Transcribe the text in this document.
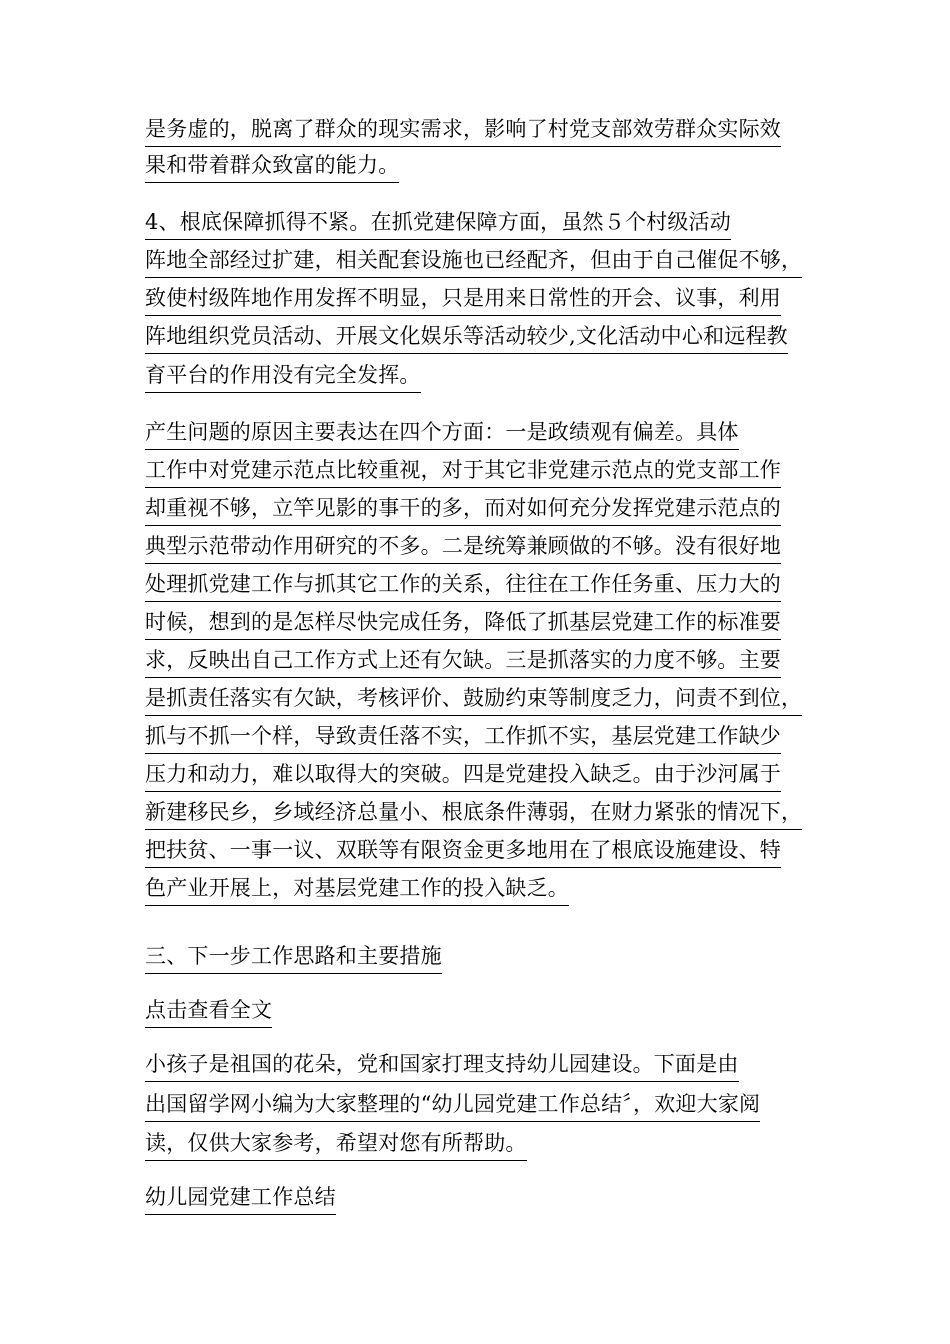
是务虚的，脱离了群众的现实需求，影响了村党支部效劳群众实际效
果和带着群众致富的能力。
4、根底保障抓得不紧。在抓党建保障方面，虽然５个村级活动
阵地全部经过扩建，相关配套设施也已经配齐，但由于自己催促不够，
致使村级阵地作用发挥不明显，只是用来日常性的开会、议事，利用
阵地组织党员活动、开展文化娱乐等活动较少,文化活动中心和远程教
育平台的作用没有完全发挥。
产生问题的原因主要表达在四个方面：一是政绩观有偏差。具体
工作中对党建示范点比较重视，对于其它非党建示范点的党支部工作
却重视不够，立竿见影的事干的多，而对如何充分发挥党建示范点的
典型示范带动作用研究的不多。二是统筹兼顾做的不够。没有很好地
处理抓党建工作与抓其它工作的关系，往往在工作任务重、压力大的
时候，想到的是怎样尽快完成任务，降低了抓基层党建工作的标准要
求，反映出自己工作方式上还有欠缺。三是抓落实的力度不够。主要
是抓责任落实有欠缺，考核评价、鼓励约束等制度乏力，问责不到位，
抓与不抓一个样，导致责任落不实，工作抓不实，基层党建工作缺少
压力和动力，难以取得大的突破。四是党建投入缺乏。由于沙河属于
新建移民乡，乡域经济总量小、根底条件薄弱，在财力紧张的情况下，
把扶贫、一事一议、双联等有限资金更多地用在了根底设施建设、特
色产业开展上，对基层党建工作的投入缺乏。
三、下一步工作思路和主要措施
点击查看全文
小孩子是祖国的花朵，党和国家打理支持幼儿园建设。下面是由
出国留学网小编为大家整理的“幼儿园党建工作总结〞，欢迎大家阅
读，仅供大家参考，希望对您有所帮助。
幼儿园党建工作总结
